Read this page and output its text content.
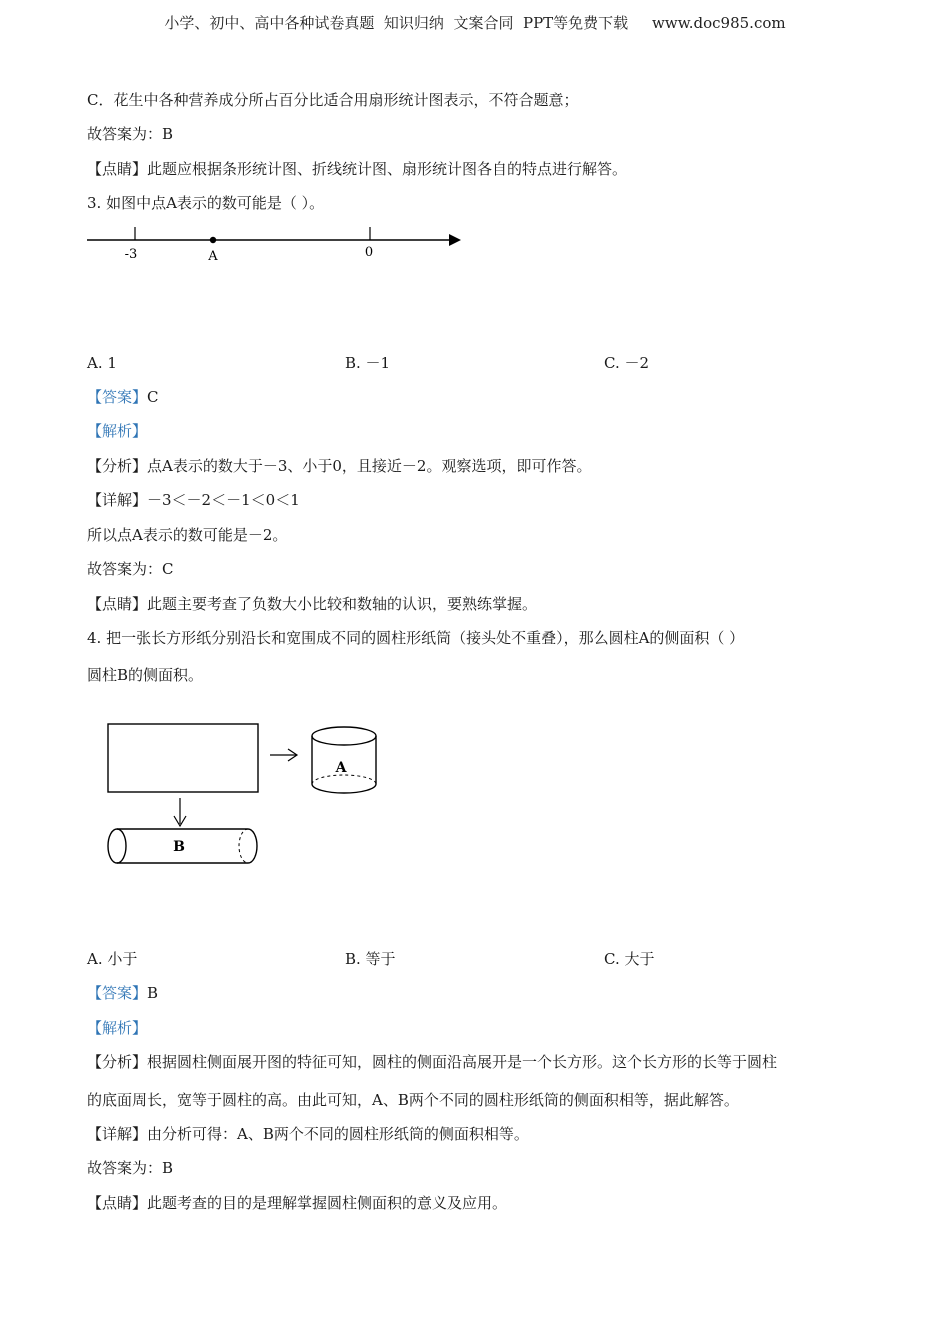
小学、初中、高中各种试卷真题  知识归纳  文案合同  PPT等免费下载     www.doc985.com
C．花生中各种营养成分所占百分比适合用扇形统计图表示，不符合题意；
故答案为：B
【点睛】此题应根据条形统计图、折线统计图、扇形统计图各自的特点进行解答。
3. 如图中点A表示的数可能是（ ）。
-3	A	0
A. 1	B. －1	C. －2
【答案】C
【解析】
【分析】点A表示的数大于－3、小于0，且接近－2。观察选项，即可作答。
【详解】－3＜－2＜－1＜0＜1
所以点A表示的数可能是－2。
故答案为：C
【点睛】此题主要考查了负数大小比较和数轴的认识，要熟练掌握。
4. 把一张长方形纸分别沿长和宽围成不同的圆柱形纸筒（接头处不重叠），那么圆柱A的侧面积（ ）
圆柱B的侧面积。
A
B
A. 小于	B. 等于	C. 大于
【答案】B
【解析】
【分析】根据圆柱侧面展开图的特征可知，圆柱的侧面沿高展开是一个长方形。这个长方形的长等于圆柱
的底面周长，宽等于圆柱的高。由此可知，A、B两个不同的圆柱形纸筒的侧面积相等，据此解答。
【详解】由分析可得：A、B两个不同的圆柱形纸筒的侧面积相等。
故答案为：B
【点睛】此题考查的目的是理解掌握圆柱侧面积的意义及应用。
